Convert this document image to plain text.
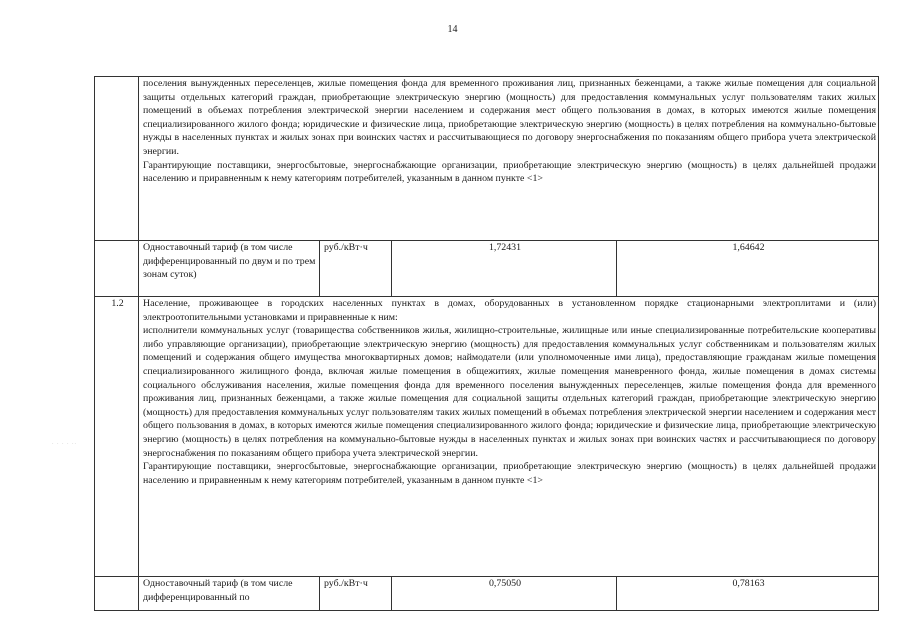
14
. . . . ..

	поселения вынужденных переселенцев, жилые помещения фонда для временного проживания лиц, признанных беженцами, а также жилые помещения для социальной защиты отдельных категорий граждан, приобретающие электрическую энергию (мощность) для предоставления коммунальных услуг пользователям таких жилых помещений в объемах потребления электрической энергии населением и содержания мест общего пользования в домах, в которых имеются жилые помещения специализированного жилого фонда; юридические и физические лица, приобретающие электрическую энергию (мощность) в целях потребления на коммунально-бытовые нужды в населенных пунктах и жилых зонах при воинских частях и рассчитывающиеся по договору энергоснабжения по показаниям общего прибора учета электрической энергии.

Гарантирующие поставщики, энергосбытовые, энергоснабжающие организации, приобретающие электрическую энергию (мощность) в целях дальнейшей продажи населению и приравненным к нему категориям потребителей, указанным в данном пункте <1>			

	Одноставочный тариф (в том числе дифференцированный по двум и по трем зонам суток)	руб./кВт·ч	1,72431	1,64642
1.2	Население, проживающее в городских населенных пунктах в домах, оборудованных в установленном порядке стационарными электроплитами и (или) электроотопительными установками и приравненные к ним:

исполнители коммунальных услуг (товарищества собственников жилья, жилищно-строительные, жилищные или иные специализированные потребительские кооперативы либо управляющие организации), приобретающие электрическую энергию (мощность) для предоставления коммунальных услуг собственникам и пользователям жилых помещений и содержания общего имущества многоквартирных домов; наймодатели (или уполномоченные ими лица), предоставляющие гражданам жилые помещения специализированного жилищного фонда, включая жилые помещения в общежитиях, жилые помещения маневренного фонда, жилые помещения в домах системы социального обслуживания населения, жилые помещения фонда для временного поселения вынужденных переселенцев, жилые помещения фонда для временного проживания лиц, признанных беженцами, а также жилые помещения для социальной защиты отдельных категорий граждан, приобретающие электрическую энергию (мощность) для предоставления коммунальных услуг пользователям таких жилых помещений в объемах потребления электрической энергии населением и содержания мест общего пользования в домах, в которых имеются жилые помещения специализированного жилого фонда; юридические и физические лица, приобретающие электрическую энергию (мощность) в целях потребления на коммунально-бытовые нужды в населенных пунктах и жилых зонах при воинских частях и рассчитывающиеся по договору энергоснабжения по показаниям общего прибора учета электрической энергии.

Гарантирующие поставщики, энергосбытовые, энергоснабжающие организации, приобретающие электрическую энергию (мощность) в целях дальнейшей продажи населению и приравненным к нему категориям потребителей, указанным в данном пункте <1>			

	Одноставочный тариф (в том числе дифференцированный по	руб./кВт·ч	0,75050	0,78163
